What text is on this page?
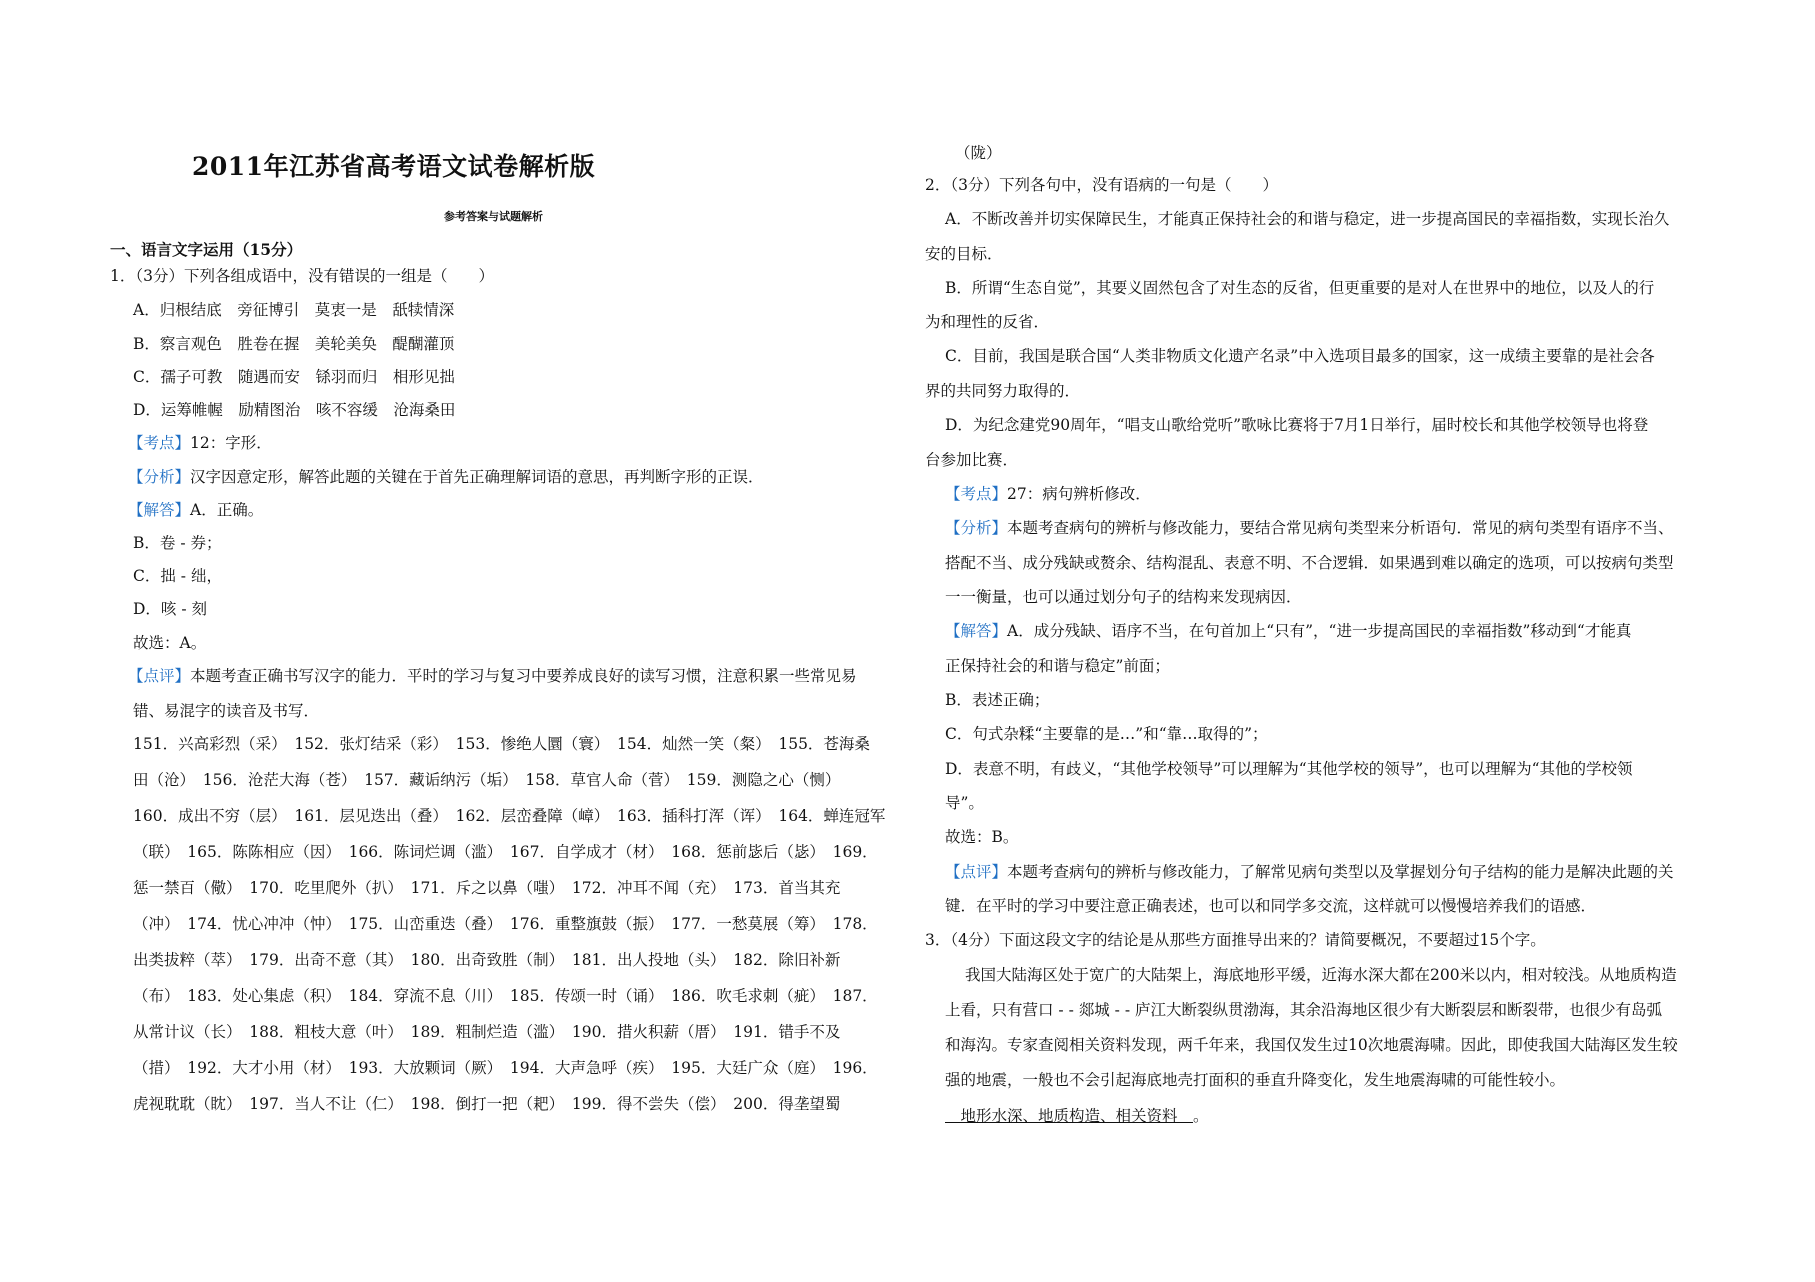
2011年江苏省高考语文试卷解析版
参考答案与试题解析
一、语言文字运用（15分）
1．（3分）下列各组成语中，没有错误的一组是（　　）
A．归根结底　旁征博引　莫衷一是　舐犊情深
B．察言观色　胜卷在握　美轮美奂　醍醐灌顶
C．孺子可教　随遇而安　铩羽而归　相形见拙
D．运筹帷幄　励精图治　咳不容缓　沧海桑田
【考点】12：字形．
【分析】汉字因意定形，解答此题的关键在于首先正确理解词语的意思，再判断字形的正误．
【解答】A．正确。
B．卷 - 券；
C．拙 - 绌，
D．咳 - 刻
故选：A。
【点评】本题考查正确书写汉字的能力．平时的学习与复习中要养成良好的读写习惯，注意积累一些常见易
错、易混字的读音及书写．
151．兴高彩烈（采）　152．张灯结采（彩）　153．惨绝人圜（寰）　154．灿然一笑（粲）　155．苍海桑
田（沧）　156．沧茫大海（苍）　157．藏诟纳污（垢）　158．草官人命（菅）　159．测隐之心（恻）
160．成出不穷（层）　161．层见迭出（叠）　162．层峦叠障（嶂）　163．插科打浑（诨）　164．蝉连冠军
（联）　165．陈陈相应（因）　166．陈词烂调（滥）　167．自学成才（材）　168．惩前毖后（毖）　169．
惩一禁百（儆）　170．吃里爬外（扒）　171．斥之以鼻（嗤）　172．冲耳不闻（充）　173．首当其充
（冲）　174．忧心冲冲（忡）　175．山峦重迭（叠）　176．重整旗鼓（振）　177．一愁莫展（筹）　178．
出类拔粹（萃）　179．出奇不意（其）　180．出奇致胜（制）　181．出人投地（头）　182．除旧补新
（布）　183．处心集虑（积）　184．穿流不息（川）　185．传颂一时（诵）　186．吹毛求刺（疵）　187．
从常计议（长）　188．粗枝大意（叶）　189．粗制烂造（滥）　190．措火积薪（厝）　191．错手不及
（措）　192．大才小用（材）　193．大放颗词（厥）　194．大声急呼（疾）　195．大廷广众（庭）　196．
虎视耽耽（眈）　197．当人不让（仁）　198．倒打一把（耙）　199．得不尝失（偿）　200．得垄望蜀
（陇）
2．（3分）下列各句中，没有语病的一句是（　　）
A．不断改善并切实保障民生，才能真正保持社会的和谐与稳定，进一步提高国民的幸福指数，实现长治久
安的目标．
B．所谓“生态自觉”，其要义固然包含了对生态的反省，但更重要的是对人在世界中的地位，以及人的行
为和理性的反省．
C．目前，我国是联合国“人类非物质文化遗产名录”中入选项目最多的国家，这一成绩主要靠的是社会各
界的共同努力取得的．
D．为纪念建党90周年，“唱支山歌给党听”歌咏比赛将于7月1日举行，届时校长和其他学校领导也将登
台参加比赛．
【考点】27：病句辨析修改．
【分析】本题考查病句的辨析与修改能力，要结合常见病句类型来分析语句．常见的病句类型有语序不当、
搭配不当、成分残缺或赘余、结构混乱、表意不明、不合逻辑．如果遇到难以确定的选项，可以按病句类型
一一衡量，也可以通过划分句子的结构来发现病因．
【解答】A．成分残缺、语序不当，在句首加上“只有”，“进一步提高国民的幸福指数”移动到“才能真
正保持社会的和谐与稳定”前面；
B．表述正确；
C．句式杂糅“主要靠的是…”和“靠…取得的”；
D．表意不明，有歧义，“其他学校领导”可以理解为“其他学校的领导”，也可以理解为“其他的学校领
导”。
故选：B。
【点评】本题考查病句的辨析与修改能力，了解常见病句类型以及掌握划分句子结构的能力是解决此题的关
键．在平时的学习中要注意正确表述，也可以和同学多交流，这样就可以慢慢培养我们的语感．
3．（4分）下面这段文字的结论是从那些方面推导出来的？请简要概况，不要超过15个字。
我国大陆海区处于宽广的大陆架上，海底地形平缓，近海水深大都在200米以内，相对较浅。从地质构造
上看，只有营口 - - 郯城 - - 庐江大断裂纵贯渤海，其余沿海地区很少有大断裂层和断裂带，也很少有岛弧
和海沟。专家查阅相关资料发现，两千年来，我国仅发生过10次地震海啸。因此，即使我国大陆海区发生较
强的地震，一般也不会引起海底地壳打面积的垂直升降变化，发生地震海啸的可能性较小。
　地形水深、地质构造、相关资料　。
